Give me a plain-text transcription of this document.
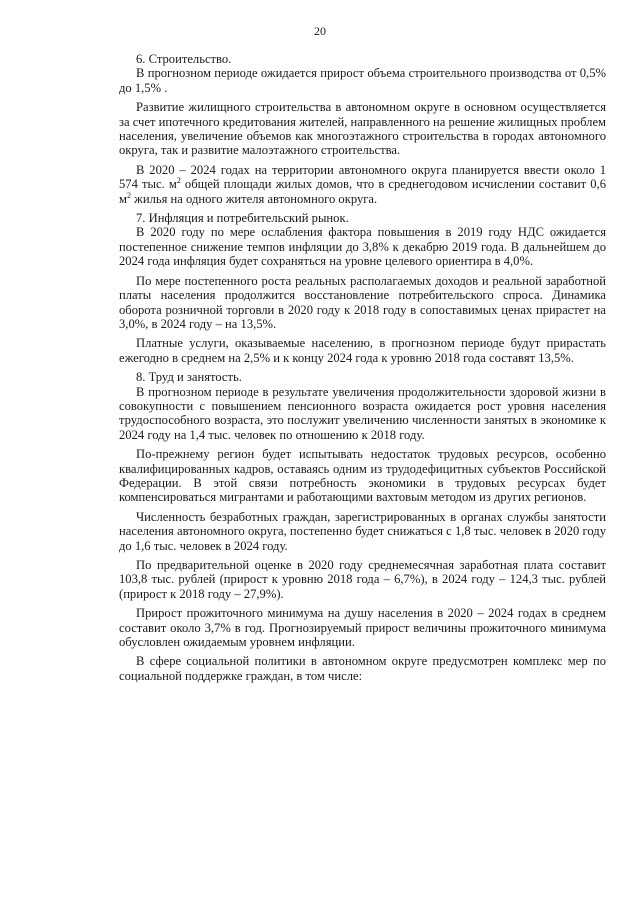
20

6. Строительство.

В прогнозном периоде ожидается прирост объема строительного производства от 0,5% до 1,5% .

Развитие жилищного строительства в автономном округе в основном осуществляется за счет ипотечного кредитования жителей, направленного на решение жилищных проблем населения, увеличение объемов как многоэтажного строительства в городах автономного округа, так и развитие малоэтажного строительства.

В 2020 – 2024 годах на территории автономного округа планируется ввести около 1 574 тыс. $м^2$ общей площади жилых домов, что в среднегодовом исчислении составит 0,6 $м^2$ жилья на одного жителя автономного округа.

7. Инфляция и потребительский рынок.

В 2020 году по мере ослабления фактора повышения в 2019 году НДС ожидается постепенное снижение темпов инфляции до 3,8% к декабрю 2019 года. В дальнейшем до 2024 года инфляция будет сохраняться на уровне целевого ориентира в 4,0%.

По мере постепенного роста реальных располагаемых доходов и реальной заработной платы населения продолжится восстановление потребительского спроса. Динамика оборота розничной торговли в 2020 году к 2018 году в сопоставимых ценах прирастет на 3,0%, в 2024 году – на 13,5%.

Платные услуги, оказываемые населению, в прогнозном периоде будут прирастать ежегодно в среднем на 2,5% и к концу 2024 года к уровню 2018 года составят 13,5%.

8. Труд и занятость.

В прогнозном периоде в результате увеличения продолжительности здоровой жизни в совокупности с повышением пенсионного возраста ожидается рост уровня населения трудоспособного возраста, это послужит увеличению численности занятых в экономике к 2024 году на 1,4 тыс. человек по отношению к 2018 году.

По-прежнему регион будет испытывать недостаток трудовых ресурсов, особенно квалифицированных кадров, оставаясь одним из трудодефицитных субъектов Российской Федерации. В этой связи потребность экономики в трудовых ресурсах будет компенсироваться мигрантами и работающими вахтовым методом из других регионов.

Численность безработных граждан, зарегистрированных в органах службы занятости населения автономного округа, постепенно будет снижаться с 1,8 тыс. человек в 2020 году до 1,6 тыс. человек в 2024 году.

По предварительной оценке в 2020 году среднемесячная заработная плата составит 103,8 тыс. рублей (прирост к уровню 2018 года – 6,7%), в 2024 году – 124,3 тыс. рублей (прирост к 2018 году – 27,9%).

Прирост прожиточного минимума на душу населения в 2020 – 2024 годах в среднем составит около 3,7% в год. Прогнозируемый прирост величины прожиточного минимума обусловлен ожидаемым уровнем инфляции.

В сфере социальной политики в автономном округе предусмотрен комплекс мер по социальной поддержке граждан, в том числе:
